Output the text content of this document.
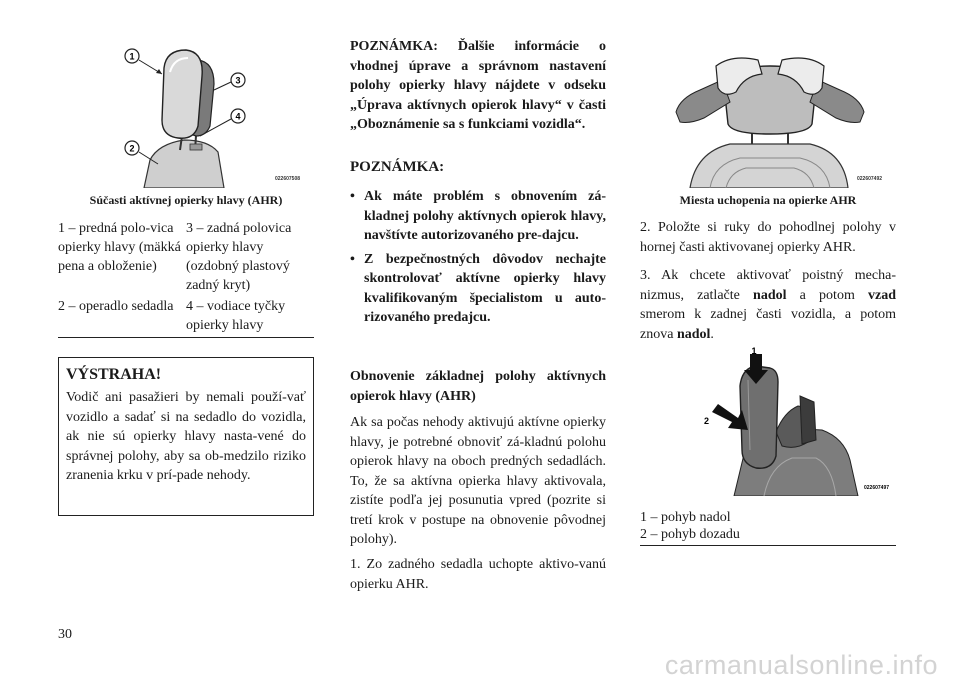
1
3
4
2
022607508
Súčasti aktívnej opierky hlavy (AHR)
1 – predná polo-vica opierky hlavy (mäkká pena a obloženie)
3 – zadná polovica opierky hlavy (ozdobný plastový zadný kryt)
2 – operadlo sedadla 4 – vodiace tyčky opierky hlavy
VÝSTRAHA!

Vodič ani pasažieri by nemali použí-vať vozidlo a sadať si na sedadlo do vozidla, ak nie sú opierky hlavy nasta-vené do správnej polohy, aby sa ob-medzilo riziko zranenia krku v prí-pade nehody.

POZNÁMKA: Ďalšie informácie o vhodnej úprave a správnom nastavení polohy opierky hlavy nájdete v odseku „Úprava aktívnych opierok hlavy“ v časti „Oboznámenie sa s funkciami vozidla“.
POZNÁMKA:
• Ak máte problém s obnovením zá-kladnej polohy aktívnych opierok hlavy, navštívte autorizovaného pre-dajcu.
• Z bezpečnostných dôvodov nechajte skontrolovať aktívne opierky hlavy kvalifikovaným špecialistom u auto-rizovaného predajcu.
Obnovenie základnej polohy aktívnych opierok hlavy (AHR)
Ak sa počas nehody aktivujú aktívne opierky hlavy, je potrebné obnoviť zá-kladnú polohu opierok hlavy na oboch predných sedadlách. To, že sa aktívna opierka hlavy aktivovala, zistíte podľa jej posunutia vpred (pozrite si tretí krok v postupe na obnovenie pôvodnej polohy).
1. Zo zadného sedadla uchopte aktivo-vanú opierku AHR.
022607492
Miesta uchopenia na opierke AHR
2. Položte si ruky do pohodlnej polohy v hornej časti aktivovanej opierky AHR.
3. Ak chcete aktivovať poistný mecha-nizmus, zatlačte nadol a potom vzad smerom k zadnej časti vozidla, a potom znova nadol.
1
2
022607497
1 – pohyb nadol
2 – pohyb dozadu
30
carmanualsonline.info
